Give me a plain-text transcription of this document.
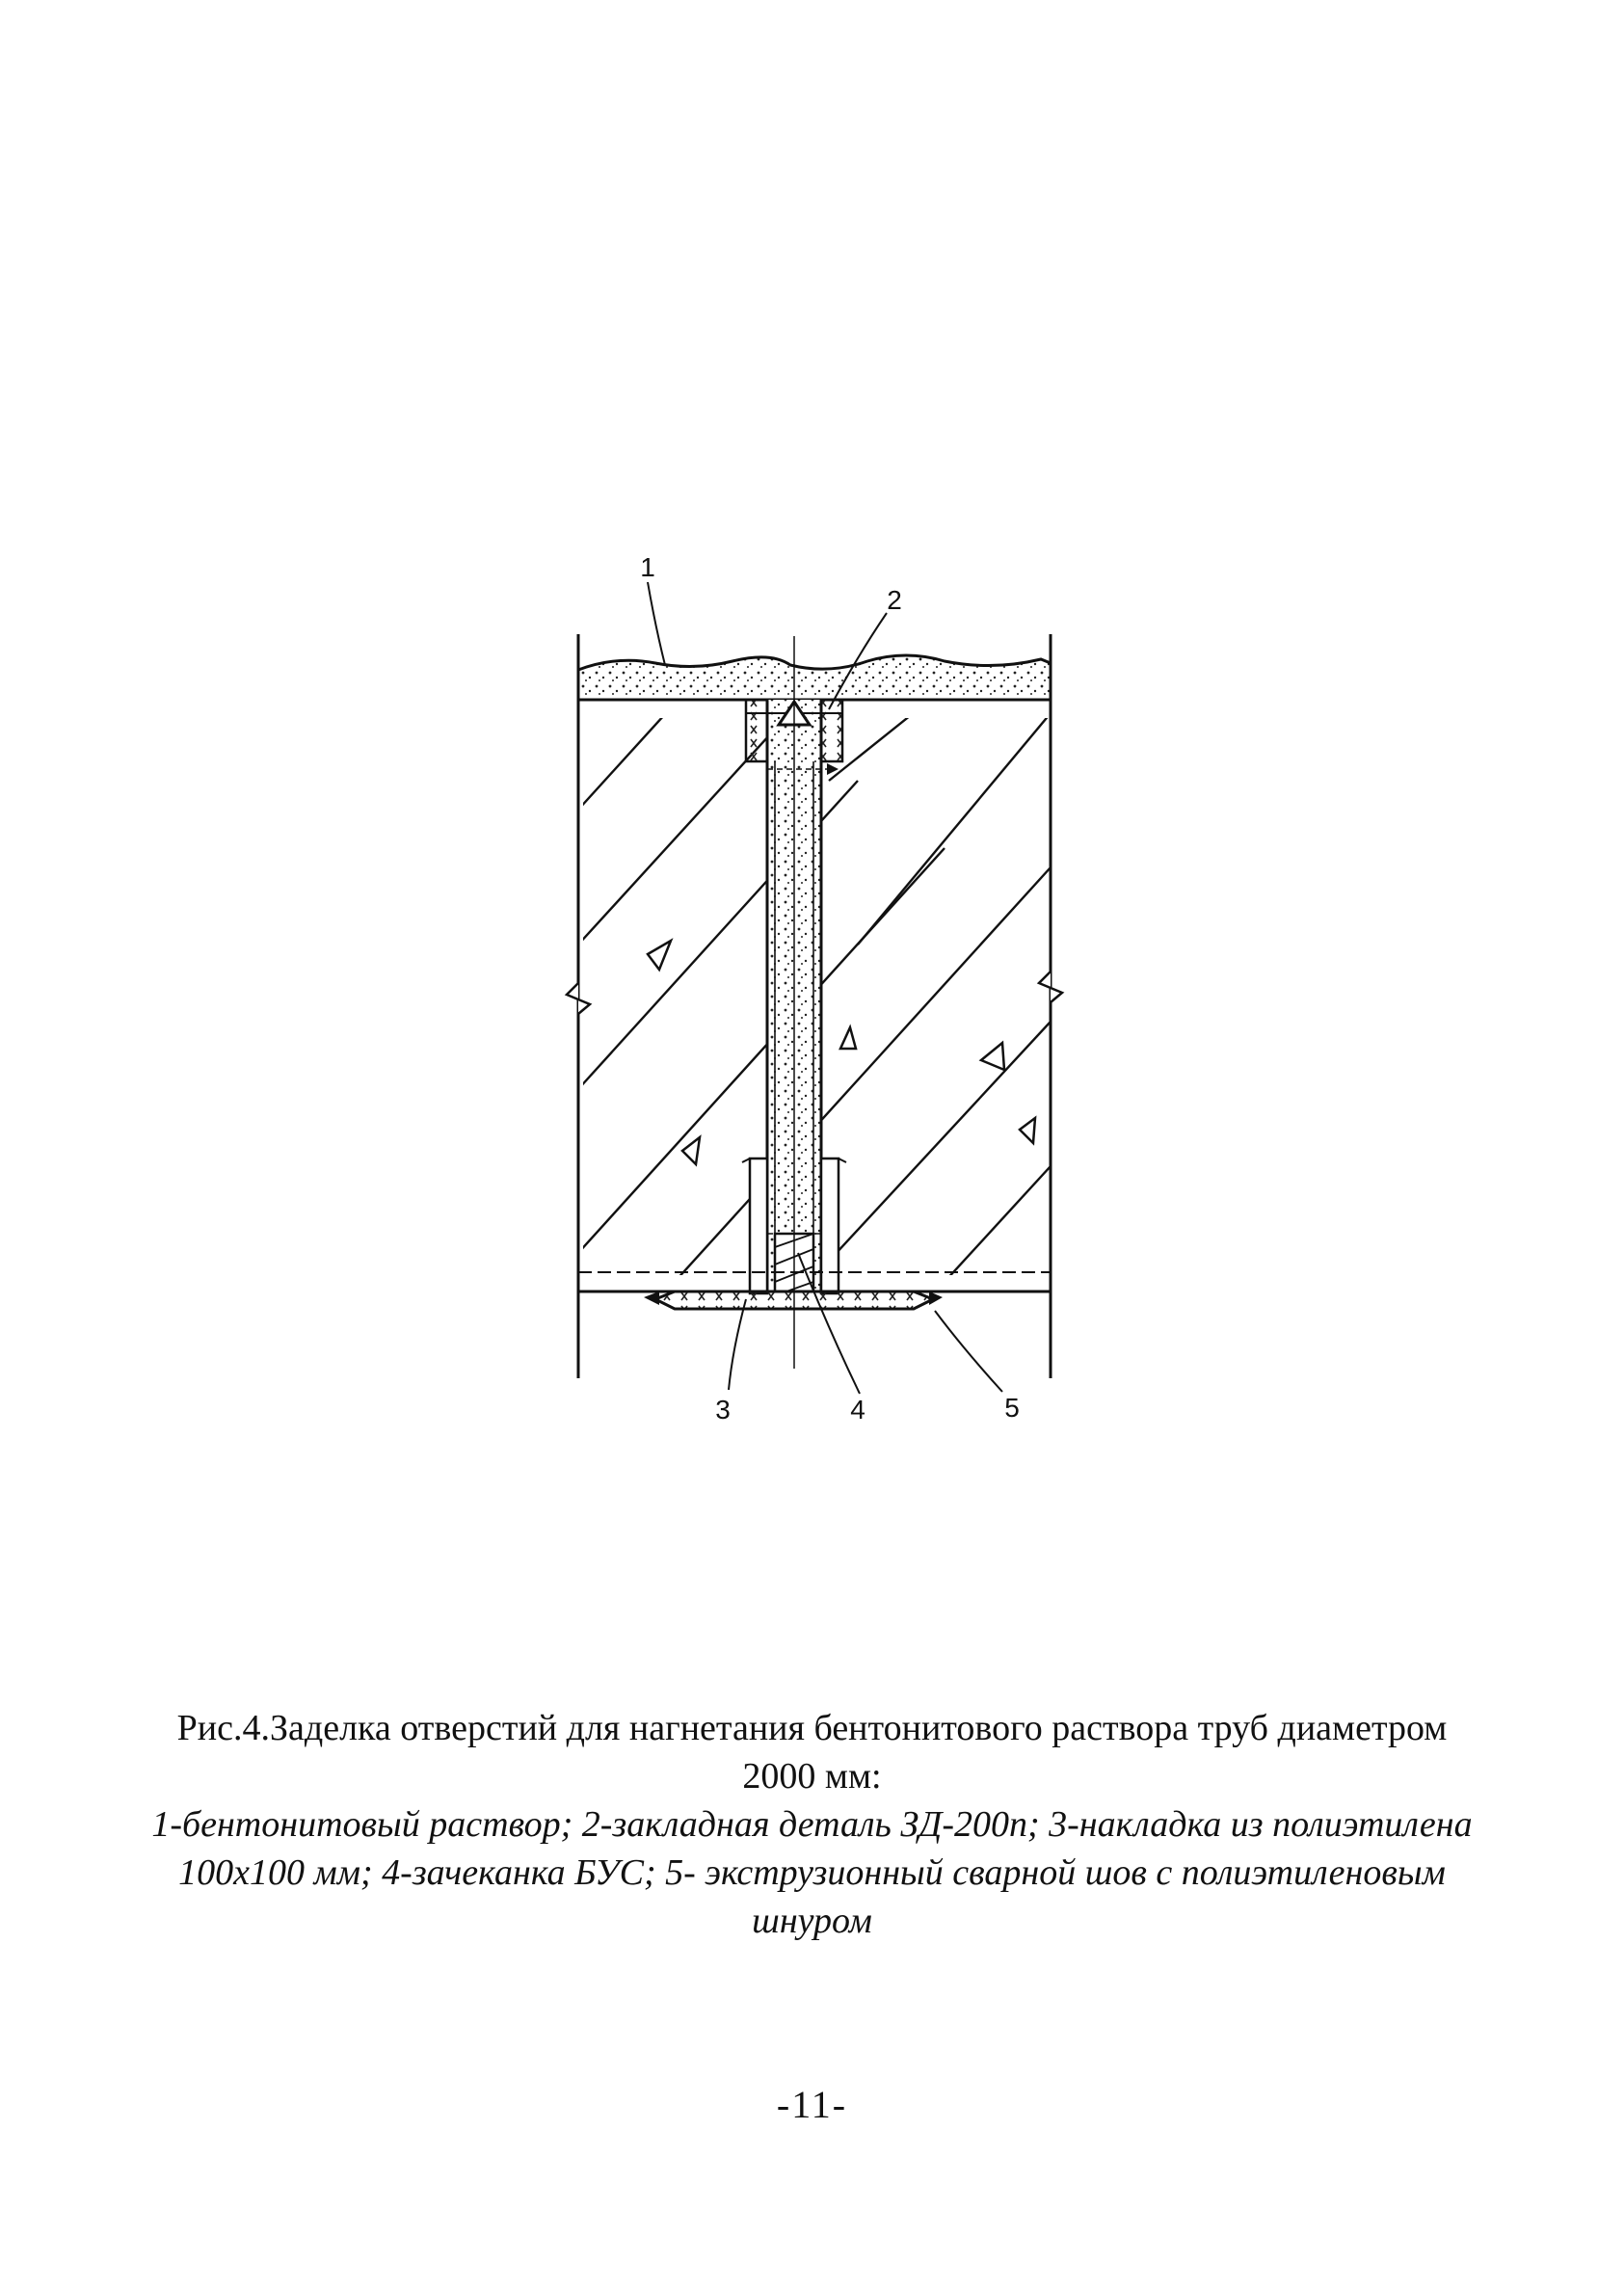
1
2
3	4	5
Рис.4.Заделка отверстий для нагнетания бентонитового раствора труб диаметром 2000 мм:
1-бентонитовый раствор; 2-закладная деталь ЗД-200п; 3-накладка из полиэтилена 100х100 мм; 4-зачеканка БУС; 5- экструзионный сварной шов с полиэтиленовым шнуром
-11-
